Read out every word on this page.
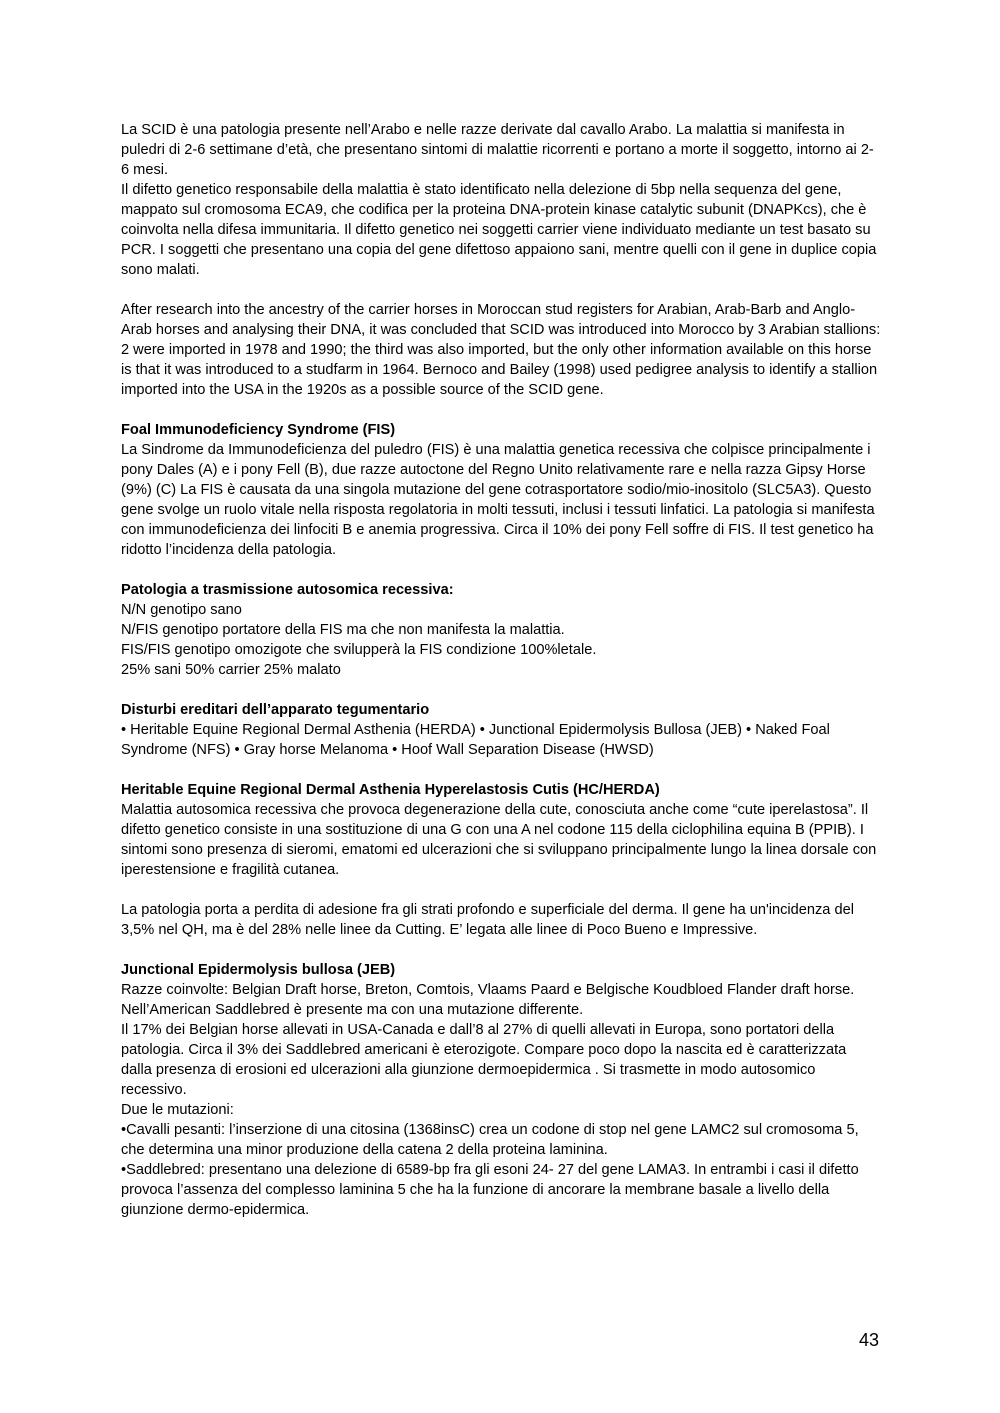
La SCID è una patologia presente nell’Arabo e nelle razze derivate dal cavallo Arabo. La malattia si manifesta in puledri di 2-6 settimane d’età, che presentano sintomi di malattie ricorrenti e portano a morte il soggetto, intorno ai 2-6 mesi.

Il difetto genetico responsabile della malattia è stato identificato nella delezione di 5bp nella sequenza del gene, mappato sul cromosoma ECA9, che codifica per la proteina DNA-protein kinase catalytic subunit (DNAPKcs), che è coinvolta nella difesa immunitaria. Il difetto genetico nei soggetti carrier viene individuato mediante un test basato su PCR. I soggetti che presentano una copia del gene difettoso appaiono sani, mentre quelli con il gene in duplice copia sono malati.

After research into the ancestry of the carrier horses in Moroccan stud registers for Arabian, Arab-Barb and Anglo-Arab horses and analysing their DNA, it was concluded that SCID was introduced into Morocco by 3 Arabian stallions: 2 were imported in 1978 and 1990; the third was also imported, but the only other information available on this horse is that it was introduced to a studfarm in 1964. Bernoco and Bailey (1998) used pedigree analysis to identify a stallion imported into the USA in the 1920s as a possible source of the SCID gene.

Foal Immunodeficiency Syndrome (FIS)

La Sindrome da Immunodeficienza del puledro (FIS) è una malattia genetica recessiva che colpisce principalmente i pony Dales (A) e i pony Fell (B), due razze autoctone del Regno Unito relativamente rare e nella razza Gipsy Horse (9%) (C) La FIS è causata da una singola mutazione del gene cotrasportatore sodio/mio-inositolo (SLC5A3). Questo gene svolge un ruolo vitale nella risposta regolatoria in molti tessuti, inclusi i tessuti linfatici. La patologia si manifesta con immunodeficienza dei linfociti B e anemia progressiva. Circa il 10% dei pony Fell soffre di FIS. Il test genetico ha ridotto l’incidenza della patologia.

Patologia a trasmissione autosomica recessiva:

N/N genotipo sano

N/FIS genotipo portatore della FIS ma che non manifesta la malattia.

FIS/FIS genotipo omozigote che svilupperà la FIS condizione 100%letale.

25% sani 50% carrier 25% malato

Disturbi ereditari dell’apparato tegumentario

• Heritable Equine Regional Dermal Asthenia (HERDA) • Junctional Epidermolysis Bullosa (JEB) • Naked Foal Syndrome (NFS) • Gray horse Melanoma • Hoof Wall Separation Disease (HWSD)

Heritable Equine Regional Dermal Asthenia Hyperelastosis Cutis (HC/HERDA)

Malattia autosomica recessiva che provoca degenerazione della cute, conosciuta anche come “cute iperelastosa”. Il difetto genetico consiste in una sostituzione di una G con una A nel codone 115 della ciclophilina equina B (PPIB). I sintomi sono presenza di sieromi, ematomi ed ulcerazioni che si sviluppano principalmente lungo la linea dorsale con iperestensione e fragilità cutanea.

La patologia porta a perdita di adesione fra gli strati profondo e superficiale del derma. Il gene ha un'incidenza del 3,5% nel QH, ma è del 28% nelle linee da Cutting. E’ legata alle linee di Poco Bueno e Impressive.

Junctional Epidermolysis bullosa (JEB)

Razze coinvolte: Belgian Draft horse, Breton, Comtois, Vlaams Paard e Belgische Koudbloed Flander draft horse. Nell’American Saddlebred è presente ma con una mutazione differente.

Il 17% dei Belgian horse allevati in USA-Canada e dall’8 al 27% di quelli allevati in Europa, sono portatori della patologia. Circa il 3% dei Saddlebred americani è eterozigote. Compare poco dopo la nascita ed è caratterizzata dalla presenza di erosioni ed ulcerazioni alla giunzione dermoepidermica . Si trasmette in modo autosomico recessivo.

Due le mutazioni:

•Cavalli pesanti: l’inserzione di una citosina (1368insC) crea un codone di stop nel gene LAMC2 sul cromosoma 5, che determina una minor produzione della catena 2 della proteina laminina.

•Saddlebred: presentano una delezione di 6589-bp fra gli esoni 24- 27 del gene LAMA3. In entrambi i casi il difetto provoca l’assenza del complesso laminina 5 che ha la funzione di ancorare la membrane basale a livello della giunzione dermo-epidermica.

43
